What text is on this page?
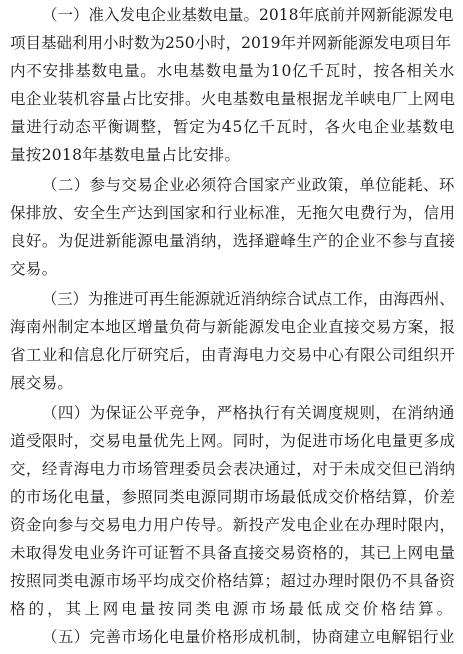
（一）准入发电企业基数电量。2018年底前并网新能源发电
项目基础利用小时数为250小时，2019年并网新能源发电项目年
内不安排基数电量。水电基数电量为10亿千瓦时，按各相关水
电企业装机容量占比安排。火电基数电量根据龙羊峡电厂上网电
量进行动态平衡调整，暂定为45亿千瓦时，各火电企业基数电
量按2018年基数电量占比安排。
（二）参与交易企业必须符合国家产业政策，单位能耗、环
保排放、安全生产达到国家和行业标准，无拖欠电费行为，信用
良好。为促进新能源电量消纳，选择避峰生产的企业不参与直接
交易。
（三）为推进可再生能源就近消纳综合试点工作，由海西州、
海南州制定本地区增量负荷与新能源发电企业直接交易方案，报
省工业和信息化厅研究后，由青海电力交易中心有限公司组织开
展交易。
（四）为保证公平竞争，严格执行有关调度规则，在消纳通
道受限时，交易电量优先上网。同时，为促进市场化电量更多成
交，经青海电力市场管理委员会表决通过，对于未成交但已消纳
的市场化电量，参照同类电源同期市场最低成交价格结算，价差
资金向参与交易电力用户传导。新投产发电企业在办理时限内，
未取得发电业务许可证暂不具备直接交易资格的，其已上网电量
按照同类电源市场平均成交价格结算；超过办理时限仍不具备资
格的，其上网电量按同类电源市场最低成交价格结算。
（五）完善市场化电量价格形成机制，协商建立电解铝行业
